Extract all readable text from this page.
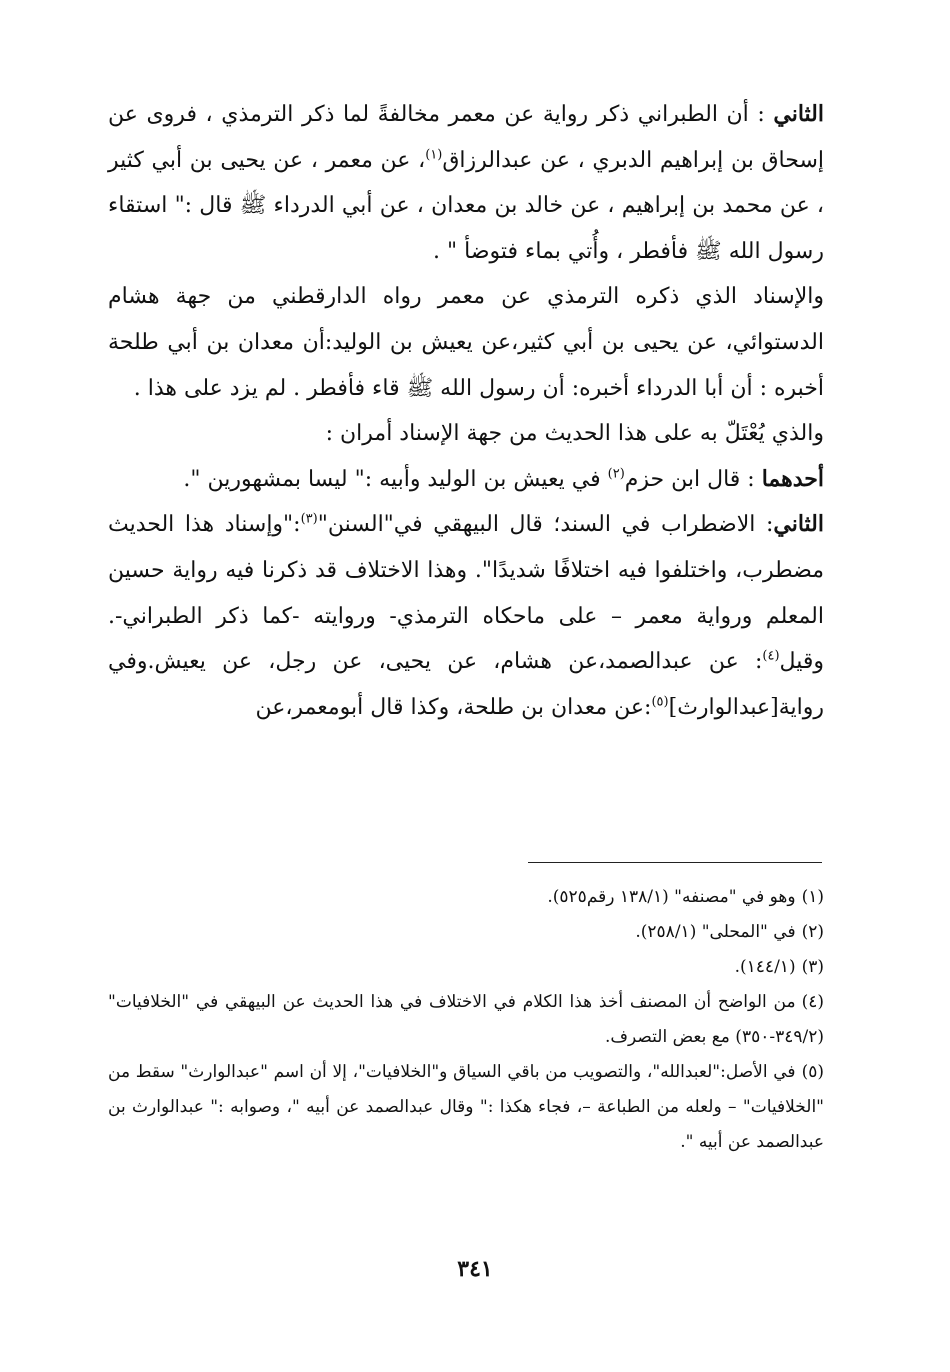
الثاني : أن الطبراني ذكر رواية عن معمر مخالفةً لما ذكر الترمذي ، فروى عن إسحاق بن إبراهيم الدبري ، عن عبدالرزاق$^{(١)}$، عن معمر ، عن يحيى بن أبي كثير ، عن محمد بن إبراهيم ، عن خالد بن معدان ، عن أبي الدرداء ﷺ قال :" استقاء رسول الله ﷺ فأفطر ، وأُتي بماء فتوضأ " .

والإسناد الذي ذكره الترمذي عن معمر رواه الدارقطني من جهة هشام الدستوائي، عن يحيى بن أبي كثير،عن يعيش بن الوليد:أن معدان بن أبي طلحة أخبره : أن أبا الدرداء أخبره: أن رسول الله ﷺ قاء فأفطر . لم يزد على هذا .

والذي يُعْتَلّ به على هذا الحديث من جهة الإسناد أمران :

أحدهما : قال ابن حزم$^{(٢)}$ في يعيش بن الوليد وأبيه :" ليسا بمشهورين ".

الثاني: الاضطراب في السند؛ قال البيهقي في"السنن"$^{(٣)}$:"وإسناد هذا الحديث مضطرب، واختلفوا فيه اختلافًا شديدًا". وهذا الاختلاف قد ذكرنا فيه رواية حسين المعلم ورواية معمر – على ماحكاه الترمذي- وروايته -كما ذكر الطبراني-. وقيل$^{(٤)}$: عن عبدالصمد،عن هشام، عن يحيى، عن رجل، عن يعيش.وفي رواية[عبدالوارث]$^{(٥)}$:عن معدان بن طلحة، وكذا قال أبومعمر،عن

(١)وهو في "مصنفه" (١٣٨/١ رقم٥٢٥).

(٢)في "المحلى" (٢٥٨/١).

(٣)(١٤٤/١).

(٤)من الواضح أن المصنف أخذ هذا الكلام في الاختلاف في هذا الحديث عن البيهقي في "الخلافيات" (٣٤٩/٢-٣٥٠) مع بعض التصرف.

(٥)في الأصل:"لعبدالله"، والتصويب من باقي السياق و"الخلافيات"، إلا أن اسم "عبدالوارث" سقط من "الخلافيات" – ولعله من الطباعة –، فجاء هكذا :" وقال عبدالصمد عن أبيه "، وصوابه :" عبدالوارث بن عبدالصمد عن أبيه ".

٣٤١
